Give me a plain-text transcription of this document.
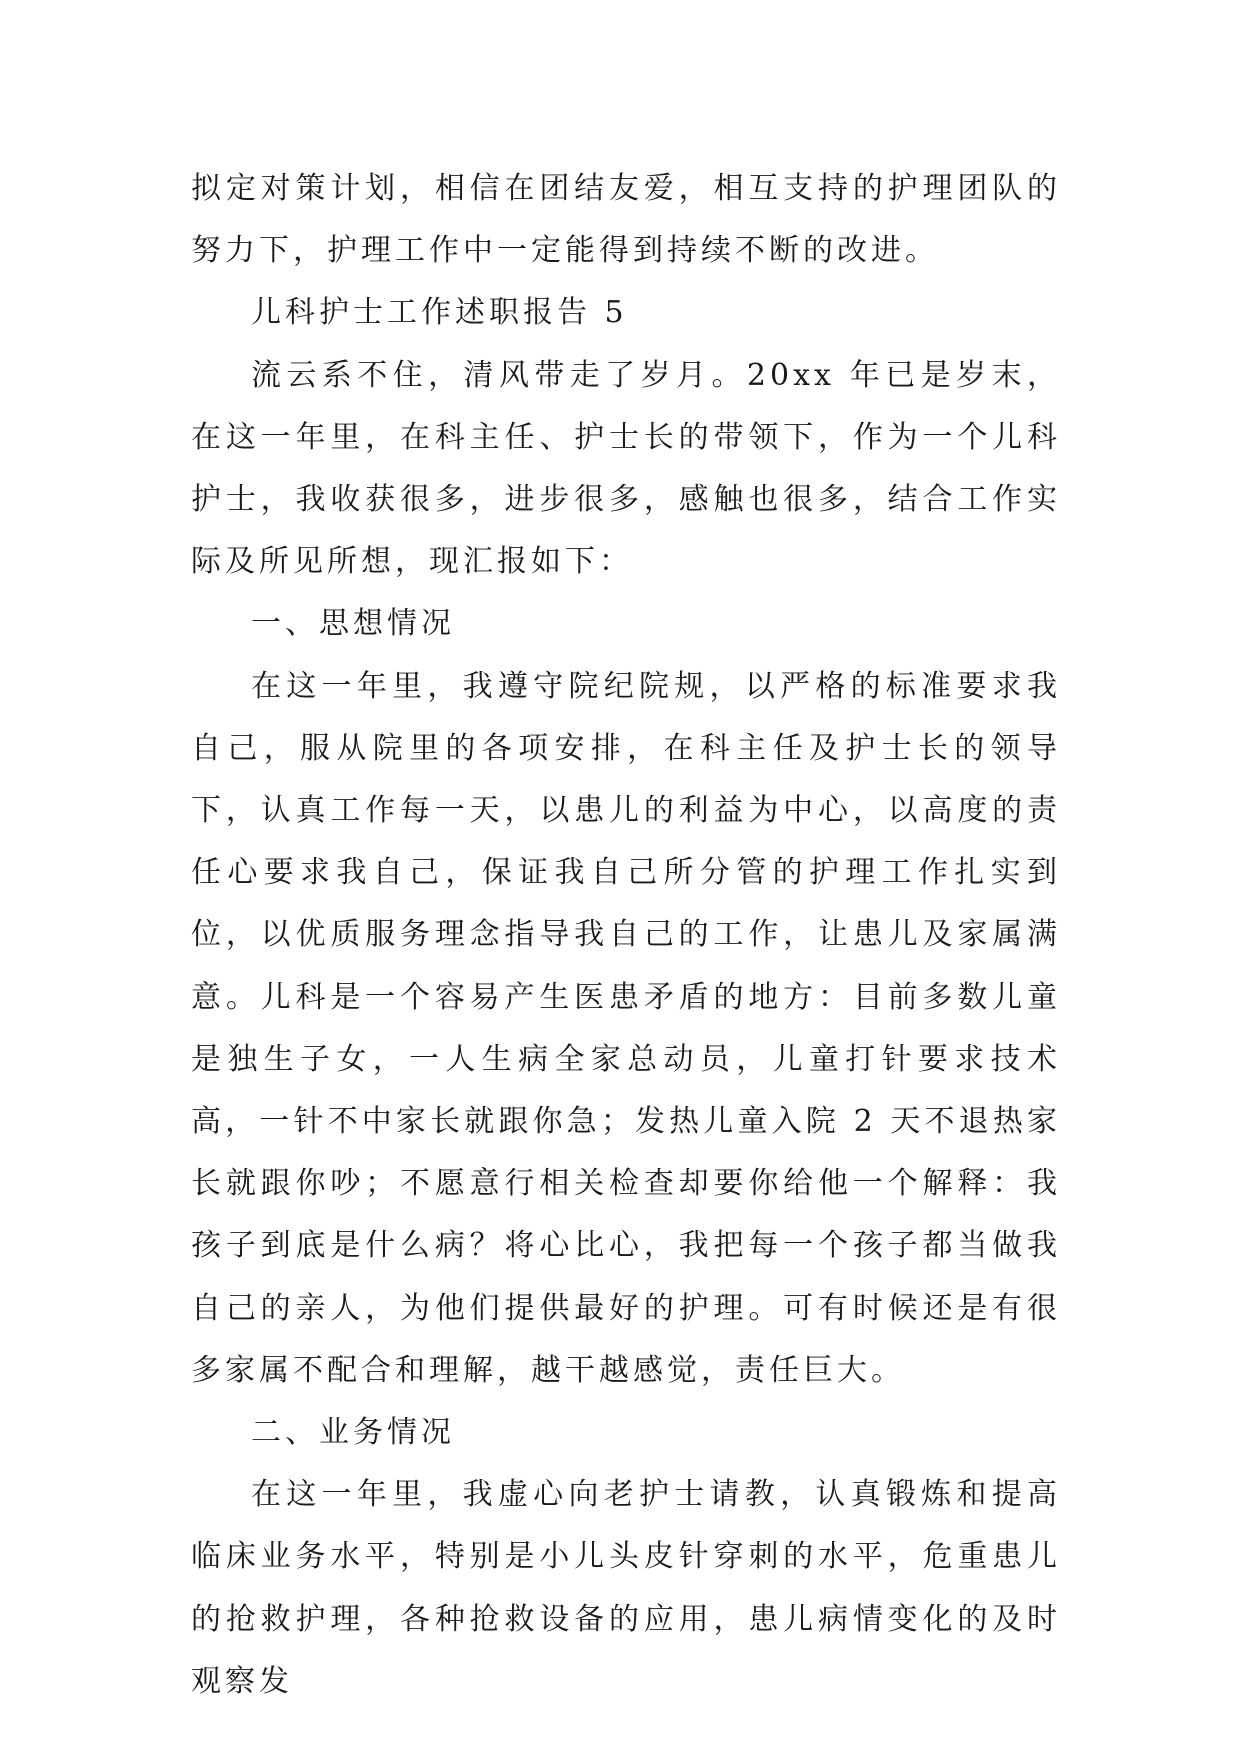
拟定对策计划，相信在团结友爱，相互支持的护理团队的努力下，护理工作中一定能得到持续不断的改进。

儿科护士工作述职报告 5

流云系不住，清风带走了岁月。20xx 年已是岁末，在这一年里，在科主任、护士长的带领下，作为一个儿科护士，我收获很多，进步很多，感触也很多，结合工作实际及所见所想，现汇报如下：

一、思想情况

在这一年里，我遵守院纪院规，以严格的标准要求我自己，服从院里的各项安排，在科主任及护士长的领导下，认真工作每一天，以患儿的利益为中心，以高度的责任心要求我自己，保证我自己所分管的护理工作扎实到位，以优质服务理念指导我自己的工作，让患儿及家属满意。儿科是一个容易产生医患矛盾的地方：目前多数儿童是独生子女，一人生病全家总动员，儿童打针要求技术高，一针不中家长就跟你急；发热儿童入院 2 天不退热家长就跟你吵；不愿意行相关检查却要你给他一个解释：我孩子到底是什么病？将心比心，我把每一个孩子都当做我自己的亲人，为他们提供最好的护理。可有时候还是有很多家属不配合和理解，越干越感觉，责任巨大。

二、业务情况

在这一年里，我虚心向老护士请教，认真锻炼和提高临床业务水平，特别是小儿头皮针穿刺的水平，危重患儿的抢救护理，各种抢救设备的应用，患儿病情变化的及时观察发
